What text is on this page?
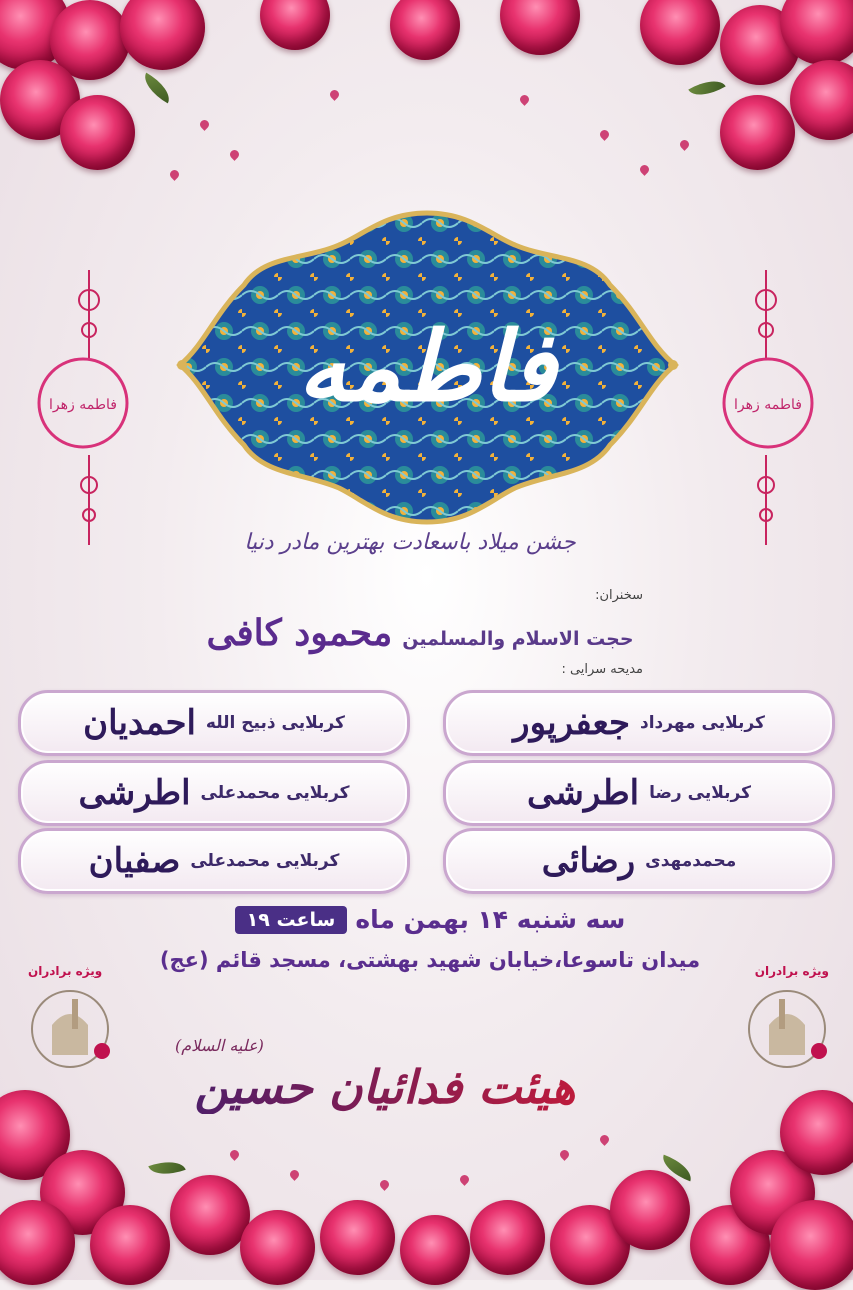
فاطمه زهرا	فاطمه زهرا
فاطمه
جشن میلاد باسعادت بهترین مادر دنیا
سخنران:
حجت الاسلام والمسلمین
محمود کافی
مدیحه سرایی :
کربلایی مهرداد
جعفرپور
کربلایی ذبیح الله
احمدیان
کربلایی رضا
اطرشی
کربلایی محمدعلی
اطرشی
محمدمهدی
رضائی
کربلایی محمدعلی
صفیان
سه شنبه ۱۴ بهمن ماه
ساعت ۱۹
میدان تاسوعا،خیابان شهید بهشتی، مسجد قائم (عج)	ویژه برادران
ویژه برادران
(علیه السلام)
هیئت فدائیان حسین
